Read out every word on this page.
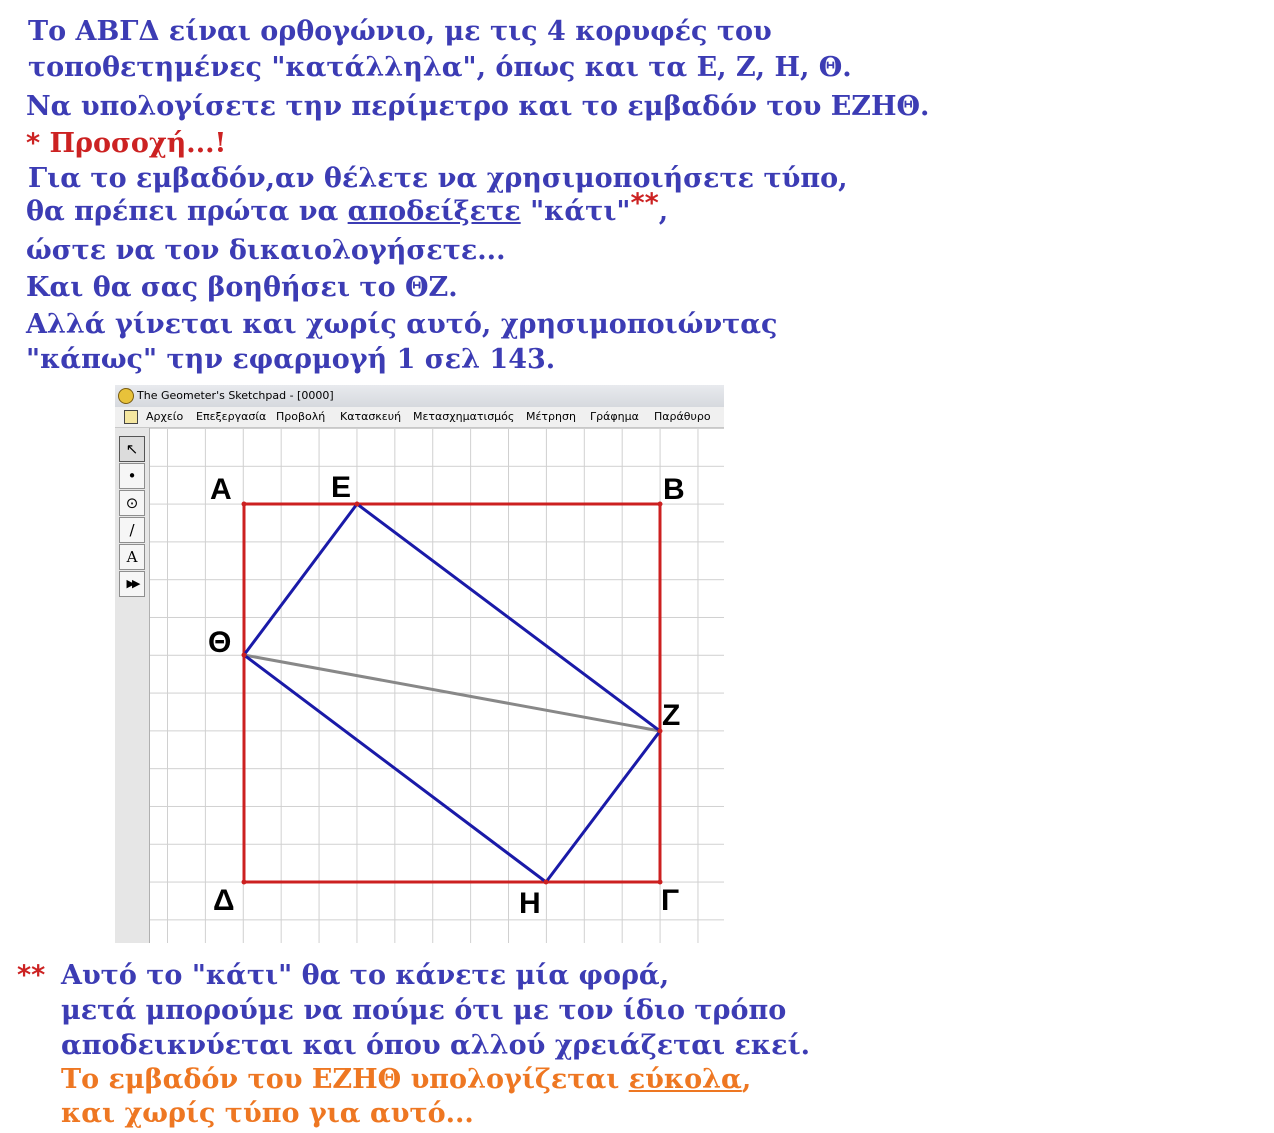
Το ΑΒΓΔ είναι ορθογώνιο, με τις 4 κορυφές του
τοποθετημένες "κατάλληλα", όπως και τα Ε, Ζ, Η, Θ.
Να υπολογίσετε την περίμετρο και το εμβαδόν του ΕΖΗΘ.
* Προσοχή...!
Για το εμβαδόν,αν θέλετε να χρησιμοποιήσετε τύπο,
θα πρέπει πρώτα να αποδείξετε "κάτι"**,
ώστε να τον δικαιολογήσετε...
Και θα σας βοηθήσει το ΘΖ.
Αλλά γίνεται και χωρίς αυτό, χρησιμοποιώντας
"κάπως" την εφαρμογή 1 σελ 143.
The Geometer's Sketchpad - [0000]
Αρχείο Επεξεργασία Προβολή Κατασκευή Μετασχηματισμός Μέτρηση Γράφημα Παράθυρο
↖
•
⊙
/
A
▶▶
Α	Ε	Β
Θ
Ζ
Δ	Η	Γ
** Αυτό το "κάτι" θα το κάνετε μία φορά,
μετά μπορούμε να πούμε ότι με τον ίδιο τρόπο
αποδεικνύεται και όπου αλλού χρειάζεται εκεί.
Το εμβαδόν του ΕΖΗΘ υπολογίζεται εύκολα,
και χωρίς τύπο για αυτό...
